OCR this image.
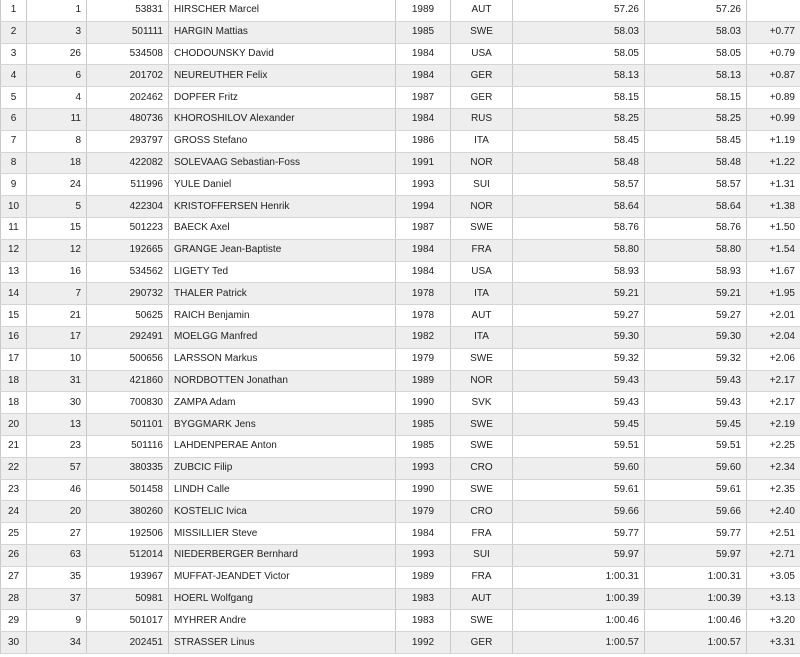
1	1	53831	HIRSCHER Marcel	1989	AUT	57.26	57.26	
2	3	501111	HARGIN Mattias	1985	SWE	58.03	58.03	+0.77
3	26	534508	CHODOUNSKY David	1984	USA	58.05	58.05	+0.79
4	6	201702	NEUREUTHER Felix	1984	GER	58.13	58.13	+0.87
5	4	202462	DOPFER Fritz	1987	GER	58.15	58.15	+0.89
6	11	480736	KHOROSHILOV Alexander	1984	RUS	58.25	58.25	+0.99
7	8	293797	GROSS Stefano	1986	ITA	58.45	58.45	+1.19
8	18	422082	SOLEVAAG Sebastian-Foss	1991	NOR	58.48	58.48	+1.22
9	24	511996	YULE Daniel	1993	SUI	58.57	58.57	+1.31
10	5	422304	KRISTOFFERSEN Henrik	1994	NOR	58.64	58.64	+1.38
11	15	501223	BAECK Axel	1987	SWE	58.76	58.76	+1.50
12	12	192665	GRANGE Jean-Baptiste	1984	FRA	58.80	58.80	+1.54
13	16	534562	LIGETY Ted	1984	USA	58.93	58.93	+1.67
14	7	290732	THALER Patrick	1978	ITA	59.21	59.21	+1.95
15	21	50625	RAICH Benjamin	1978	AUT	59.27	59.27	+2.01
16	17	292491	MOELGG Manfred	1982	ITA	59.30	59.30	+2.04
17	10	500656	LARSSON Markus	1979	SWE	59.32	59.32	+2.06
18	31	421860	NORDBOTTEN Jonathan	1989	NOR	59.43	59.43	+2.17
18	30	700830	ZAMPA Adam	1990	SVK	59.43	59.43	+2.17
20	13	501101	BYGGMARK Jens	1985	SWE	59.45	59.45	+2.19
21	23	501116	LAHDENPERAE Anton	1985	SWE	59.51	59.51	+2.25
22	57	380335	ZUBCIC Filip	1993	CRO	59.60	59.60	+2.34
23	46	501458	LINDH Calle	1990	SWE	59.61	59.61	+2.35
24	20	380260	KOSTELIC Ivica	1979	CRO	59.66	59.66	+2.40
25	27	192506	MISSILLIER Steve	1984	FRA	59.77	59.77	+2.51
26	63	512014	NIEDERBERGER Bernhard	1993	SUI	59.97	59.97	+2.71
27	35	193967	MUFFAT-JEANDET Victor	1989	FRA	1:00.31	1:00.31	+3.05
28	37	50981	HOERL Wolfgang	1983	AUT	1:00.39	1:00.39	+3.13
29	9	501017	MYHRER Andre	1983	SWE	1:00.46	1:00.46	+3.20
30	34	202451	STRASSER Linus	1992	GER	1:00.57	1:00.57	+3.31
